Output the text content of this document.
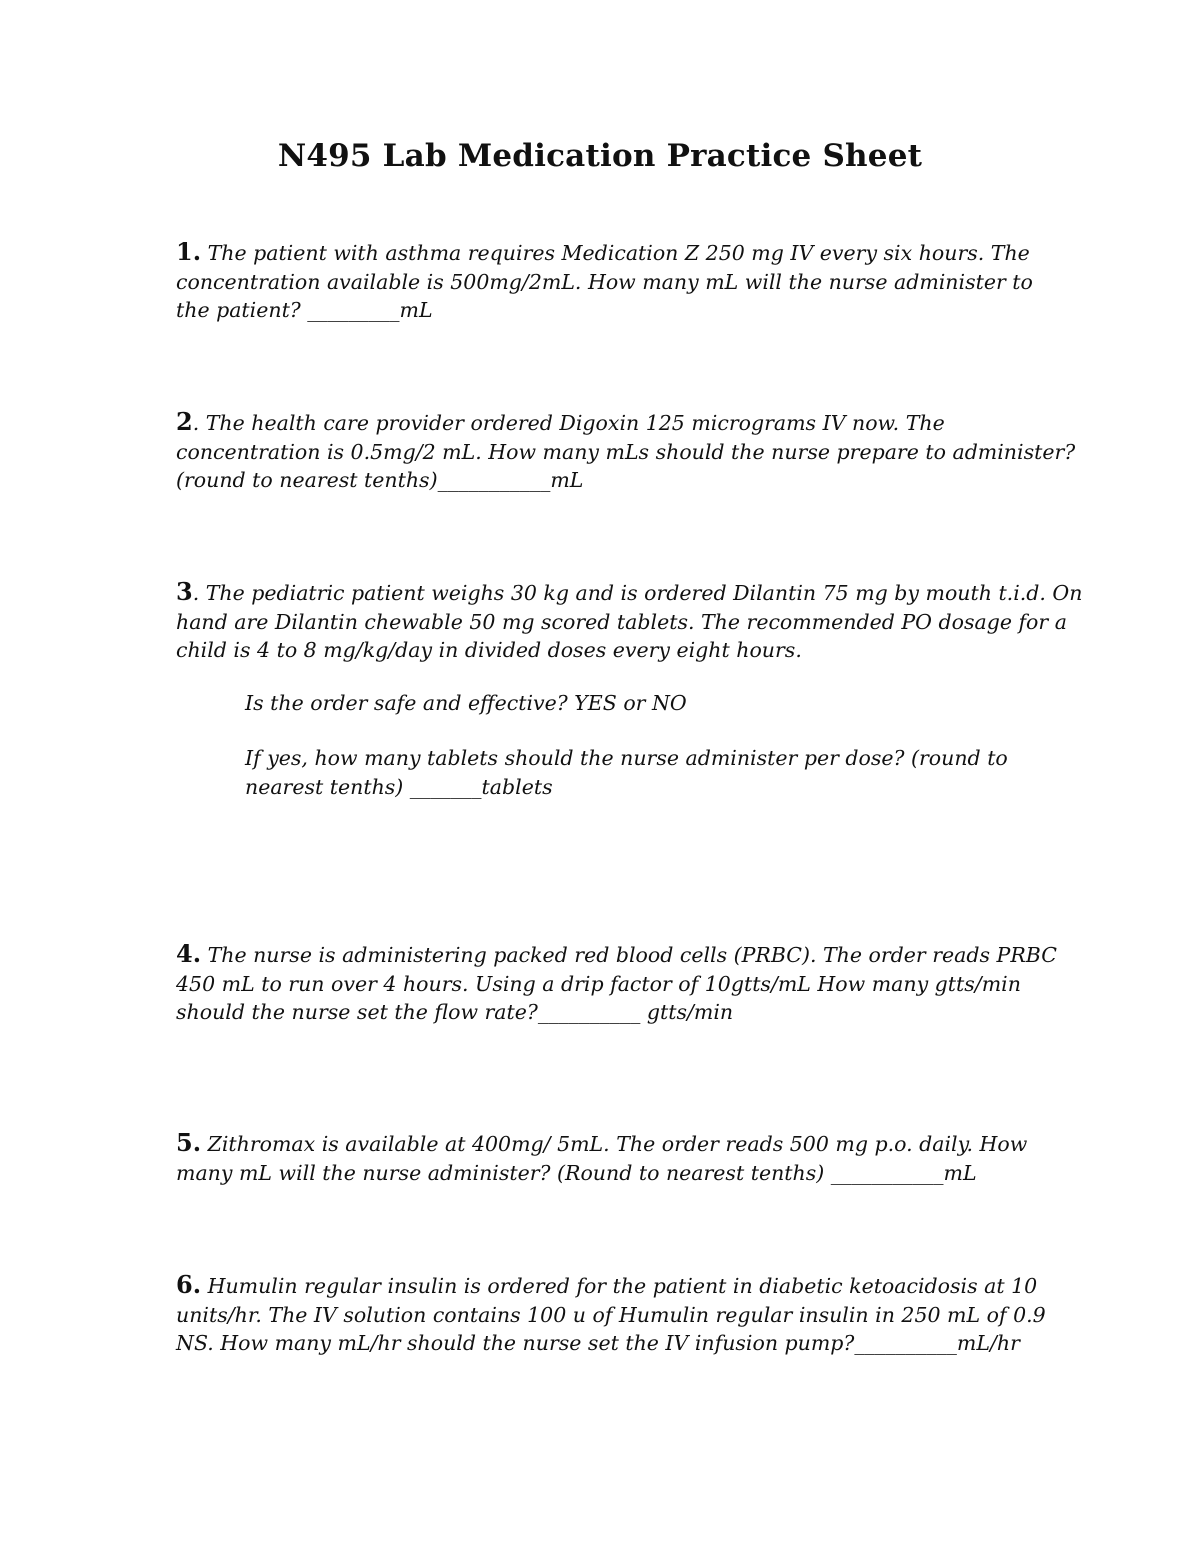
N495 Lab Medication Practice Sheet
1. The patient with asthma requires Medication Z 250 mg IV every six hours. The
concentration available is 500mg/2mL. How many mL will the nurse administer to
the patient? _________mL
2. The health care provider ordered Digoxin 125 micrograms IV now. The
concentration is 0.5mg/2 mL. How many mLs should the nurse prepare to administer?
(round to nearest tenths)___________mL
3. The pediatric patient weighs 30 kg and is ordered Dilantin 75 mg by mouth t.i.d. On
hand are Dilantin chewable 50 mg scored tablets. The recommended PO dosage for a
child is 4 to 8 mg/kg/day in divided doses every eight hours.
Is the order safe and effective? YES or NO
If yes, how many tablets should the nurse administer per dose? (round to
nearest tenths) _______tablets
4. The nurse is administering packed red blood cells (PRBC). The order reads PRBC
450 mL to run over 4 hours. Using a drip factor of 10gtts/mL How many gtts/min
should the nurse set the flow rate?__________ gtts/min
5. Zithromax is available at 400mg/ 5mL. The order reads 500 mg p.o. daily. How
many mL will the nurse administer? (Round to nearest tenths) ___________mL
6. Humulin regular insulin is ordered for the patient in diabetic ketoacidosis at 10
units/hr. The IV solution contains 100 u of Humulin regular insulin in 250 mL of 0.9
NS. How many mL/hr should the nurse set the IV infusion pump?__________mL/hr
